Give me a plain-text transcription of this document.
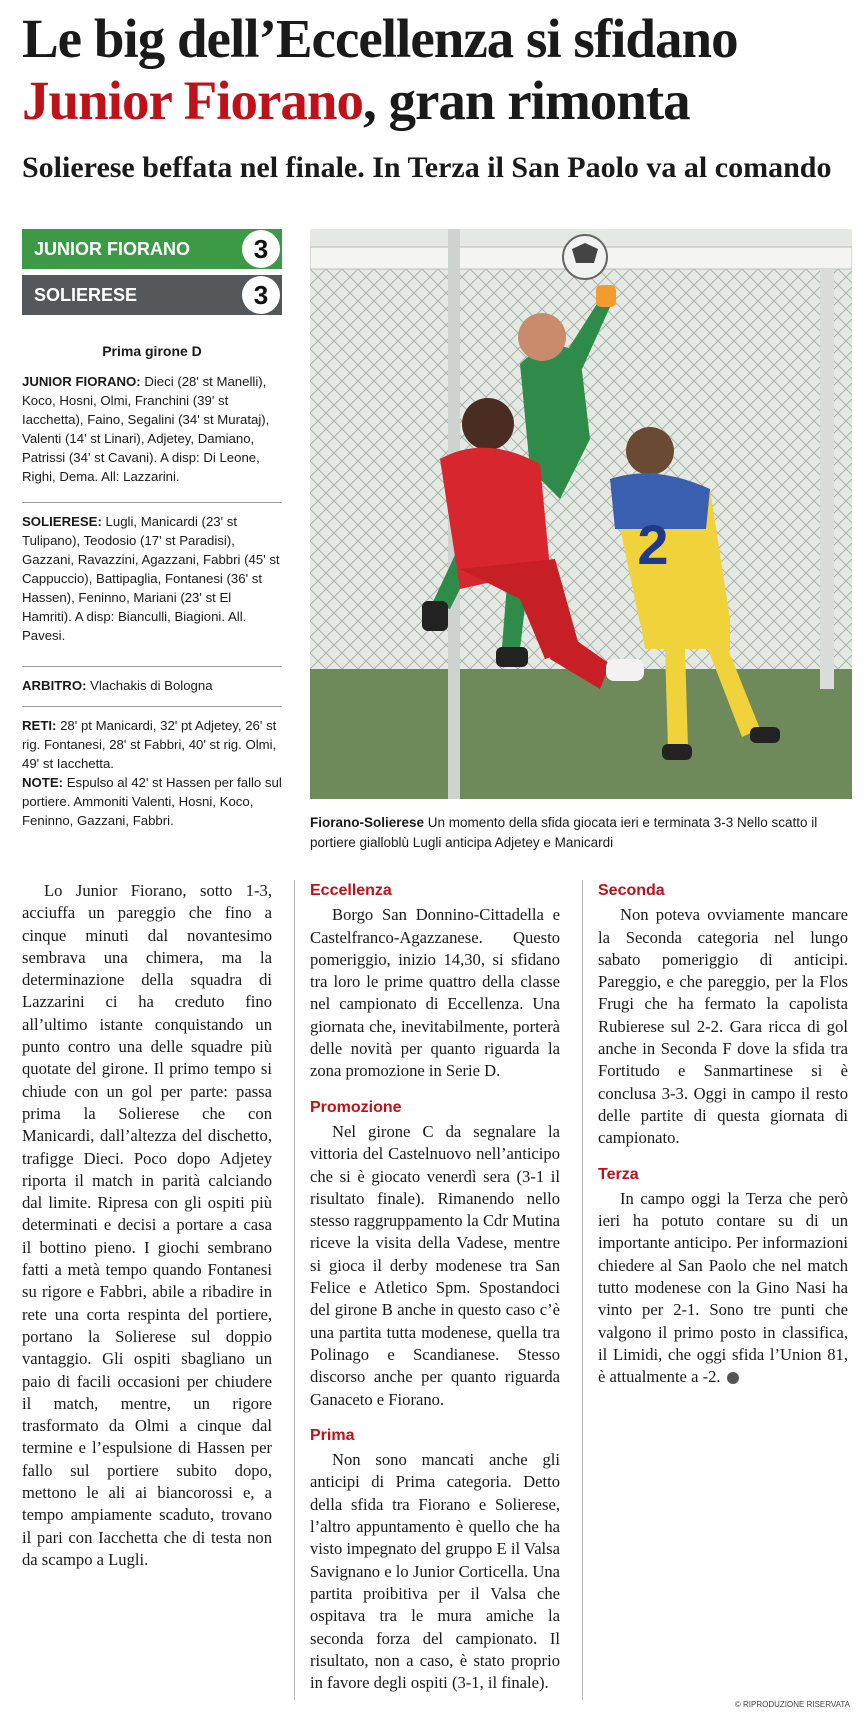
Le big dell’Eccellenza si sfidano
Junior Fiorano, gran rimonta
Solierese beffata nel finale. In Terza il San Paolo va al comando
JUNIOR FIORANO	3
SOLIERESE	3
Prima girone D
JUNIOR FIORANO: Dieci (28' st Manelli), Koco, Hosni, Olmi, Franchini (39' st Iacchetta), Faino, Segalini (34' st Murataj), Valenti (14' st Linari), Adjetey, Damiano, Patrissi (34' st Cavani). A disp: Di Leone, Righi, Dema. All: Lazzarini.
SOLIERESE: Lugli, Manicardi (23' st Tulipano), Teodosio (17' st Paradisi), Gazzani, Ravazzini, Agazzani, Fabbri (45' st Cappuccio), Battipaglia, Fontanesi (36' st Hassen), Feninno, Mariani (23' st El Hamriti). A disp: Bianculli, Biagioni. All. Pavesi.
ARBITRO: Vlachakis di Bologna
RETI: 28' pt Manicardi, 32' pt Adjetey, 26' st rig. Fontanesi, 28' st Fabbri, 40' st rig. Olmi, 49' st Iacchetta.
NOTE: Espulso al 42' st Hassen per fallo sul portiere. Ammoniti Valenti, Hosni, Koco, Feninno, Gazzani, Fabbri.
2
Fiorano-Solierese Un momento della sfida giocata ieri e terminata 3-3 Nello scatto il portiere gialloblù Lugli anticipa Adjetey e Manicardi

Lo Junior Fiorano, sotto 1-3, acciuffa un pareggio che fino a cinque minuti dal novantesimo sembrava una chimera, ma la determinazione della squadra di Lazzarini ci ha creduto fino all’ultimo istante conquistando un punto contro una delle squadre più quotate del girone. Il primo tempo si chiude con un gol per parte: passa prima la Solierese che con Manicardi, dall’altezza del dischetto, trafigge Dieci. Poco dopo Adjetey riporta il match in parità calciando dal limite. Ripresa con gli ospiti più determinati e decisi a portare a casa il bottino pieno. I giochi sembrano fatti a metà tempo quando Fontanesi su rigore e Fabbri, abile a ribadire in rete una corta respinta del portiere, portano la Solierese sul doppio vantaggio. Gli ospiti sbagliano un paio di facili occasioni per chiudere il match, mentre, un rigore trasformato da Olmi a cinque dal termine e l’espulsione di Hassen per fallo sul portiere subito dopo, mettono le ali ai biancorossi e, a tempo ampiamente scaduto, trovano il pari con Iacchetta che di testa non da scampo a Lugli.

Eccellenza

Borgo San Donnino-Cittadella e Castelfranco-Agazzanese. Questo pomeriggio, inizio 14,30, si sfidano tra loro le prime quattro della classe nel campionato di Eccellenza. Una giornata che, inevitabilmente, porterà delle novità per quanto riguarda la zona promozione in Serie D.

Promozione

Nel girone C da segnalare la vittoria del Castelnuovo nell’anticipo che si è giocato venerdì sera (3-1 il risultato finale). Rimanendo nello stesso raggruppamento la Cdr Mutina riceve la visita della Vadese, mentre si gioca il derby modenese tra San Felice e Atletico Spm. Spostandoci del girone B anche in questo caso c’è una partita tutta modenese, quella tra Polinago e Scandianese. Stesso discorso anche per quanto riguarda Ganaceto e Fiorano.

Prima

Non sono mancati anche gli anticipi di Prima categoria. Detto della sfida tra Fiorano e Solierese, l’altro appuntamento è quello che ha visto impegnato del gruppo E il Valsa Savignano e lo Junior Corticella. Una partita proibitiva per il Valsa che ospitava tra le mura amiche la seconda forza del campionato. Il risultato, non a caso, è stato proprio in favore degli ospiti (3-1, il finale).

Seconda

Non poteva ovviamente mancare la Seconda categoria nel lungo sabato pomeriggio di anticipi. Pareggio, e che pareggio, per la Flos Frugi che ha fermato la capolista Rubierese sul 2-2. Gara ricca di gol anche in Seconda F dove la sfida tra Fortitudo e Sanmartinese si è conclusa 3-3. Oggi in campo il resto delle partite di questa giornata di campionato.

Terza

In campo oggi la Terza che però ieri ha potuto contare su di un importante anticipo. Per informazioni chiedere al San Paolo che nel match tutto modenese con la Gino Nasi ha vinto per 2-1. Sono tre punti che valgono il primo posto in classifica, il Limidi, che oggi sfida l’Union 81, è attualmente a -2.

© RIPRODUZIONE RISERVATA
